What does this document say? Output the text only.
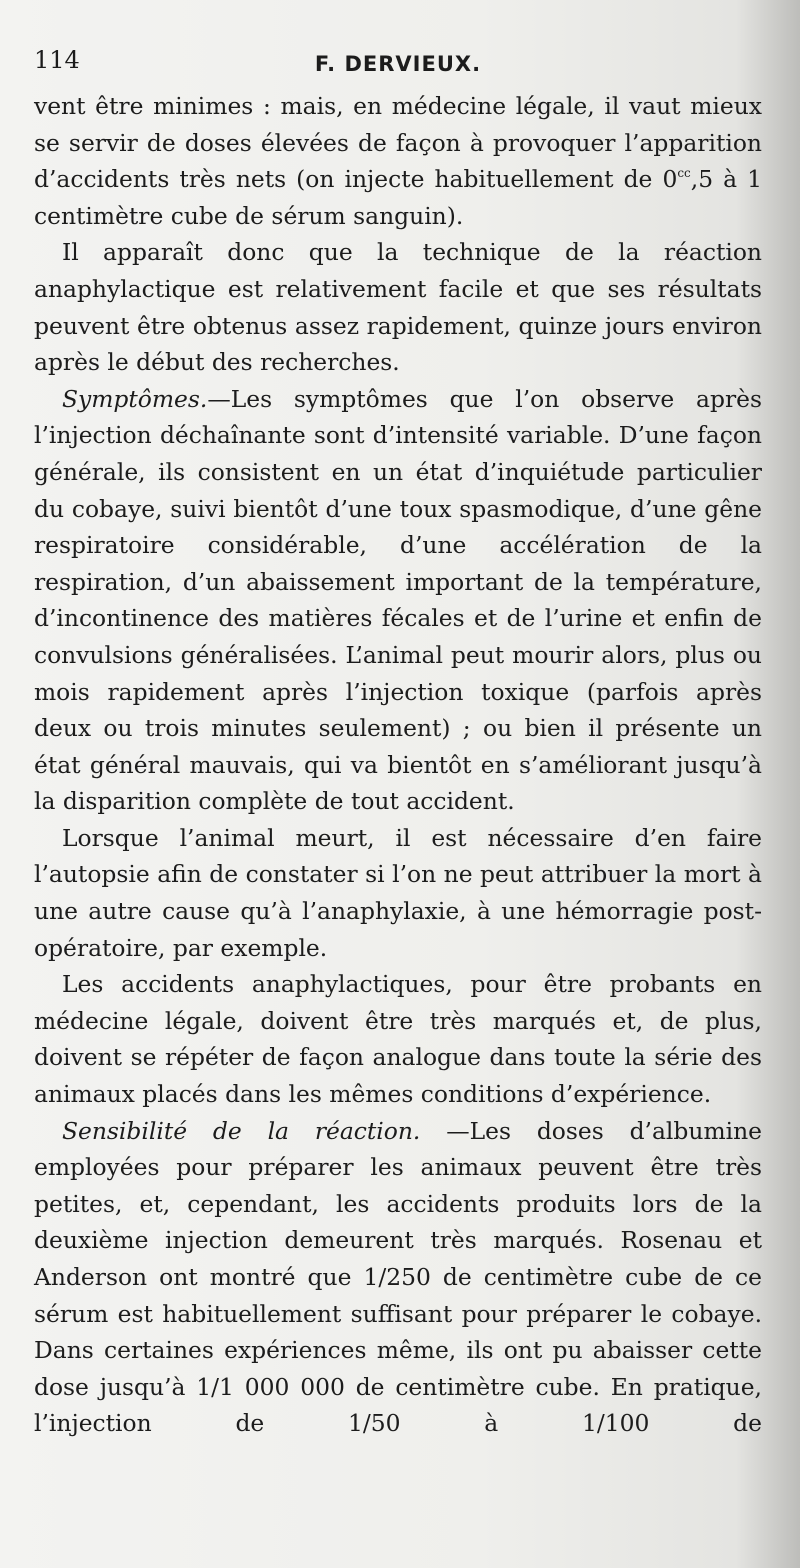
114	F. DERVIEUX.

vent être minimes : mais, en médecine légale, il vaut mieux se servir de doses élevées de façon à provoquer l’apparition d’accidents très nets (on injecte habituellement de $0^{cc},5$ à 1 centimètre cube de sérum sanguin).

Il apparaît donc que la technique de la réaction anaphylactique est relativement facile et que ses résultats peuvent être obtenus assez rapidement, quinze jours environ après le début des recherches.

Symptômes.—Les symptômes que l’on observe après l’injection déchaînante sont d’intensité variable. D’une façon générale, ils consistent en un état d’inquiétude particulier du cobaye, suivi bientôt d’une toux spasmodique, d’une gêne respiratoire considérable, d’une accélération de la respiration, d’un abaissement important de la température, d’incontinence des matières fécales et de l’urine et enfin de convulsions généralisées. L’animal peut mourir alors, plus ou mois rapidement après l’injection toxique (parfois après deux ou trois minutes seulement) ; ou bien il présente un état général mauvais, qui va bientôt en s’améliorant jusqu’à la disparition complète de tout accident.

Lorsque l’animal meurt, il est nécessaire d’en faire l’autopsie afin de constater si l’on ne peut attribuer la mort à une autre cause qu’à l’anaphylaxie, à une hémorragie post-opératoire, par exemple.

Les accidents anaphylactiques, pour être probants en médecine légale, doivent être très marqués et, de plus, doivent se répéter de façon analogue dans toute la série des animaux placés dans les mêmes conditions d’expérience.

Sensibilité de la réaction. —Les doses d’albumine employées pour préparer les animaux peuvent être très petites, et, cependant, les accidents produits lors de la deuxième injection demeurent très marqués. Rosenau et Anderson ont montré que 1/250 de centimètre cube de ce sérum est habituellement suffisant pour préparer le cobaye. Dans certaines expériences même, ils ont pu abaisser cette dose jusqu’à 1/1 000 000 de centimètre cube. En pratique, l’injection de 1/50 à 1/100 de
